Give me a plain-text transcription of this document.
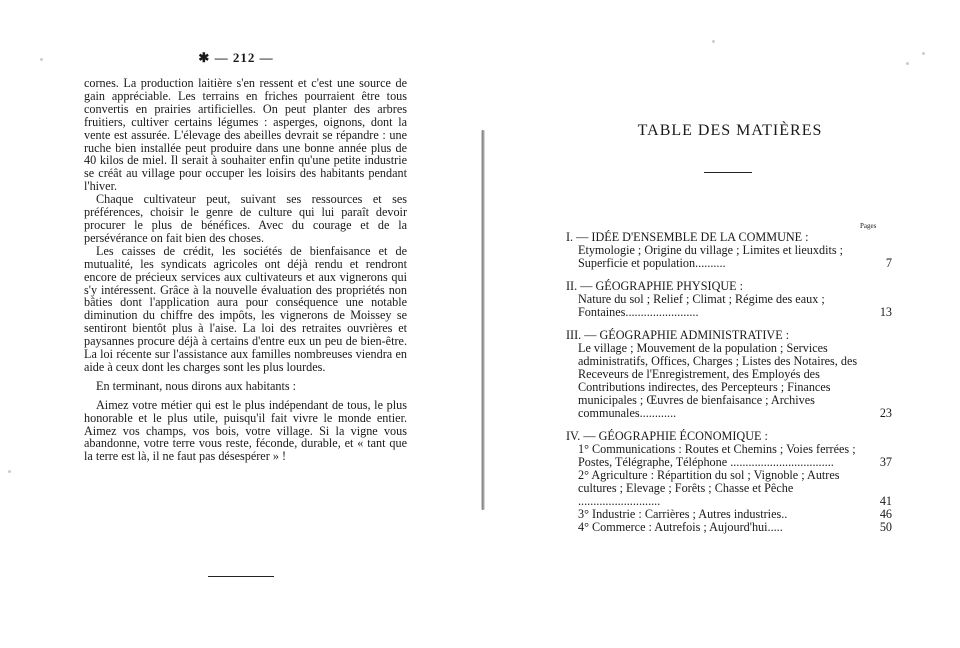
✱ — 212 —

cornes. La production laitière s'en ressent et c'est une source de gain appréciable. Les terrains en friches pourraient être tous convertis en prairies artificielles. On peut planter des arbres fruitiers, cultiver certains légumes : asperges, oignons, dont la vente est assurée. L'élevage des abeilles devrait se répandre : une ruche bien installée peut produire dans une bonne année plus de 40 kilos de miel. Il serait à souhaiter enfin qu'une petite industrie se créât au village pour occuper les loisirs des habitants pendant l'hiver.

Chaque cultivateur peut, suivant ses ressources et ses préférences, choisir le genre de culture qui lui paraît devoir procurer le plus de bénéfices. Avec du courage et de la persévérance on fait bien des choses.

Les caisses de crédit, les sociétés de bienfaisance et de mutualité, les syndicats agricoles ont déjà rendu et rendront encore de précieux services aux cultivateurs et aux vignerons qui s'y intéressent. Grâce à la nouvelle évaluation des propriétés non bâties dont l'application aura pour conséquence une notable diminution du chiffre des impôts, les vignerons de Moissey se sentiront bientôt plus à l'aise. La loi des retraites ouvrières et paysannes procure déjà à certains d'entre eux un peu de bien-être. La loi récente sur l'assistance aux familles nombreuses viendra en aide à ceux dont les charges sont les plus lourdes.

En terminant, nous dirons aux habitants :

Aimez votre métier qui est le plus indépendant de tous, le plus honorable et le plus utile, puisqu'il fait vivre le monde entier. Aimez vos champs, vos bois, votre village. Si la vigne vous abandonne, votre terre vous reste, féconde, durable, et « tant que la terre est là, il ne faut pas désespérer » !

TABLE DES MATIÈRES
Pages
I. — IDÉE D'ENSEMBLE DE LA COMMUNE :
Etymologie ; Origine du village ; Limites et lieuxdits ; Superficie et population..........	7
II. — GÉOGRAPHIE PHYSIQUE :
Nature du sol ; Relief ; Climat ; Régime des eaux ; Fontaines........................	13
III. — GÉOGRAPHIE ADMINISTRATIVE :
Le village ; Mouvement de la population ; Services administratifs, Offices, Charges ; Listes des Notaires, des Receveurs de l'Enregistrement, des Employés des Contributions indirectes, des Percepteurs ; Finances municipales ; Œuvres de bienfaisance ; Archives communales............	23
IV. — GÉOGRAPHIE ÉCONOMIQUE :
1° Communications : Routes et Chemins ; Voies ferrées ; Postes, Télégraphe, Téléphone ..................................	37
2° Agriculture : Répartition du sol ; Vignoble ; Autres cultures ; Elevage ; Forêts ; Chasse et Pêche ...........................	41
3° Industrie : Carrières ; Autres industries..	46
4° Commerce : Autrefois ; Aujourd'hui.....	50
